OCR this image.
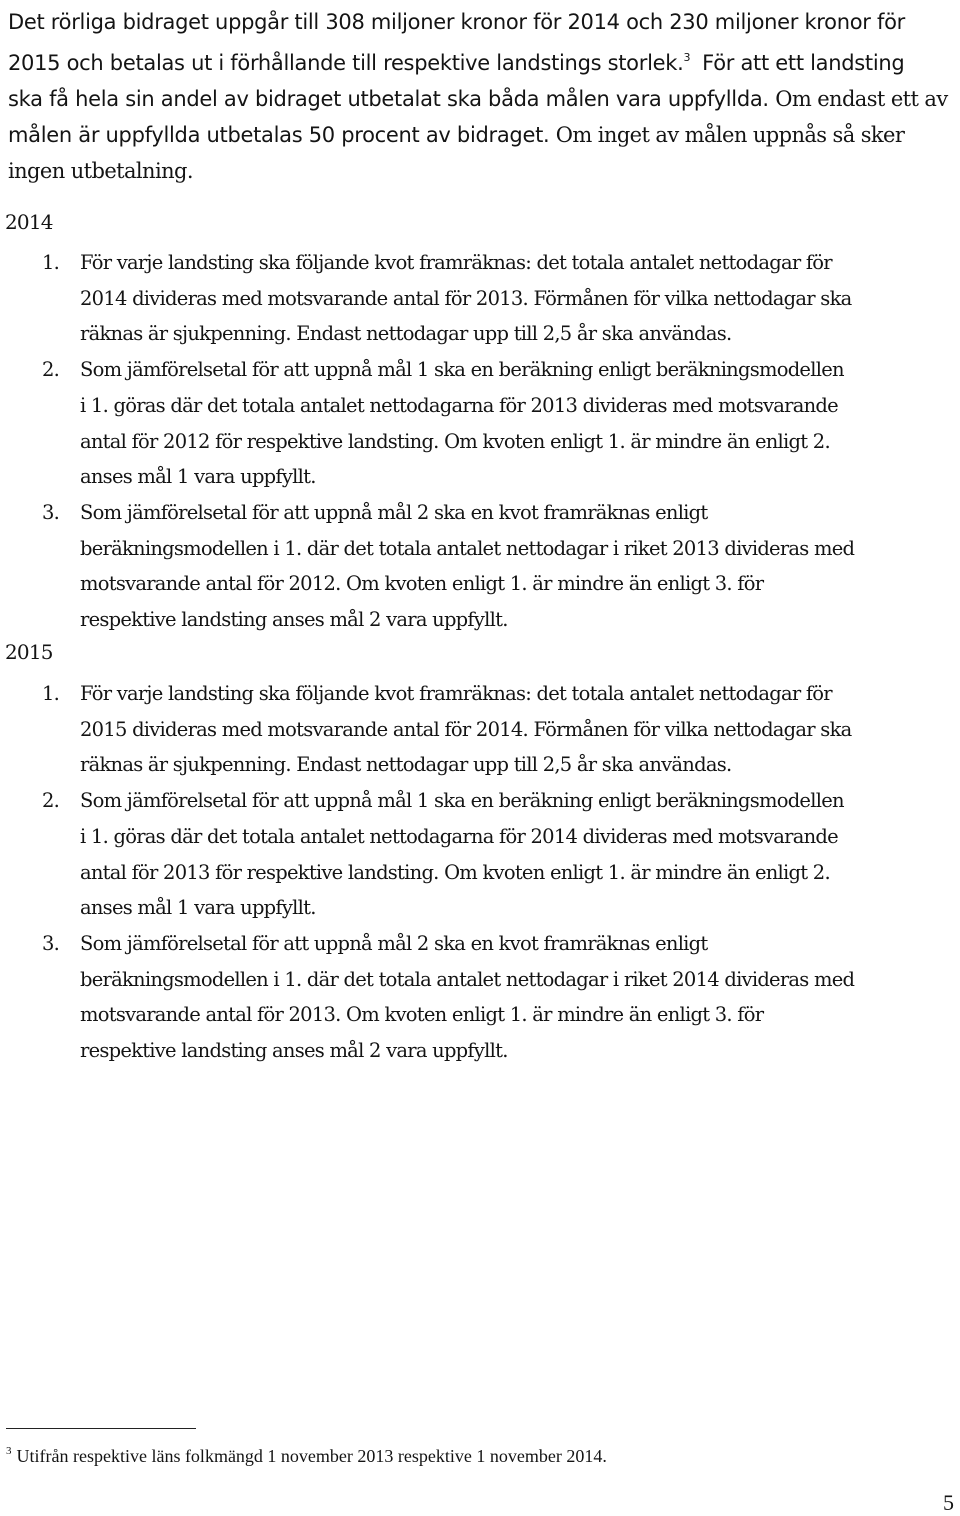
Det rörliga bidraget uppgår till 308 miljoner kronor för 2014 och 230 miljoner kronor för
2015 och betalas ut i förhållande till respektive landstings storlek.$^3$ För att ett landsting
ska få hela sin andel av bidraget utbetalat ska båda målen vara uppfyllda. Om endast ett av
målen är uppfyllda utbetalas 50 procent av bidraget. Om inget av målen uppnås så sker
ingen utbetalning.
2014
1. För varje landsting ska följande kvot framräknas: det totala antalet nettodagar för
2014 divideras med motsvarande antal för 2013. Förmånen för vilka nettodagar ska
räknas är sjukpenning. Endast nettodagar upp till 2,5 år ska användas.
2. Som jämförelsetal för att uppnå mål 1 ska en beräkning enligt beräkningsmodellen
i 1. göras där det totala antalet nettodagarna för 2013 divideras med motsvarande
antal för 2012 för respektive landsting. Om kvoten enligt 1. är mindre än enligt 2.
anses mål 1 vara uppfyllt.
3. Som jämförelsetal för att uppnå mål 2 ska en kvot framräknas enligt
beräkningsmodellen i 1. där det totala antalet nettodagar i riket 2013 divideras med
motsvarande antal för 2012. Om kvoten enligt 1. är mindre än enligt 3. för
respektive landsting anses mål 2 vara uppfyllt.
2015
1. För varje landsting ska följande kvot framräknas: det totala antalet nettodagar för
2015 divideras med motsvarande antal för 2014. Förmånen för vilka nettodagar ska
räknas är sjukpenning. Endast nettodagar upp till 2,5 år ska användas.
2. Som jämförelsetal för att uppnå mål 1 ska en beräkning enligt beräkningsmodellen
i 1. göras där det totala antalet nettodagarna för 2014 divideras med motsvarande
antal för 2013 för respektive landsting. Om kvoten enligt 1. är mindre än enligt 2.
anses mål 1 vara uppfyllt.
3. Som jämförelsetal för att uppnå mål 2 ska en kvot framräknas enligt
beräkningsmodellen i 1. där det totala antalet nettodagar i riket 2014 divideras med
motsvarande antal för 2013. Om kvoten enligt 1. är mindre än enligt 3. för
respektive landsting anses mål 2 vara uppfyllt.
$^3$ Utifrån respektive läns folkmängd 1 november 2013 respektive 1 november 2014.
5
